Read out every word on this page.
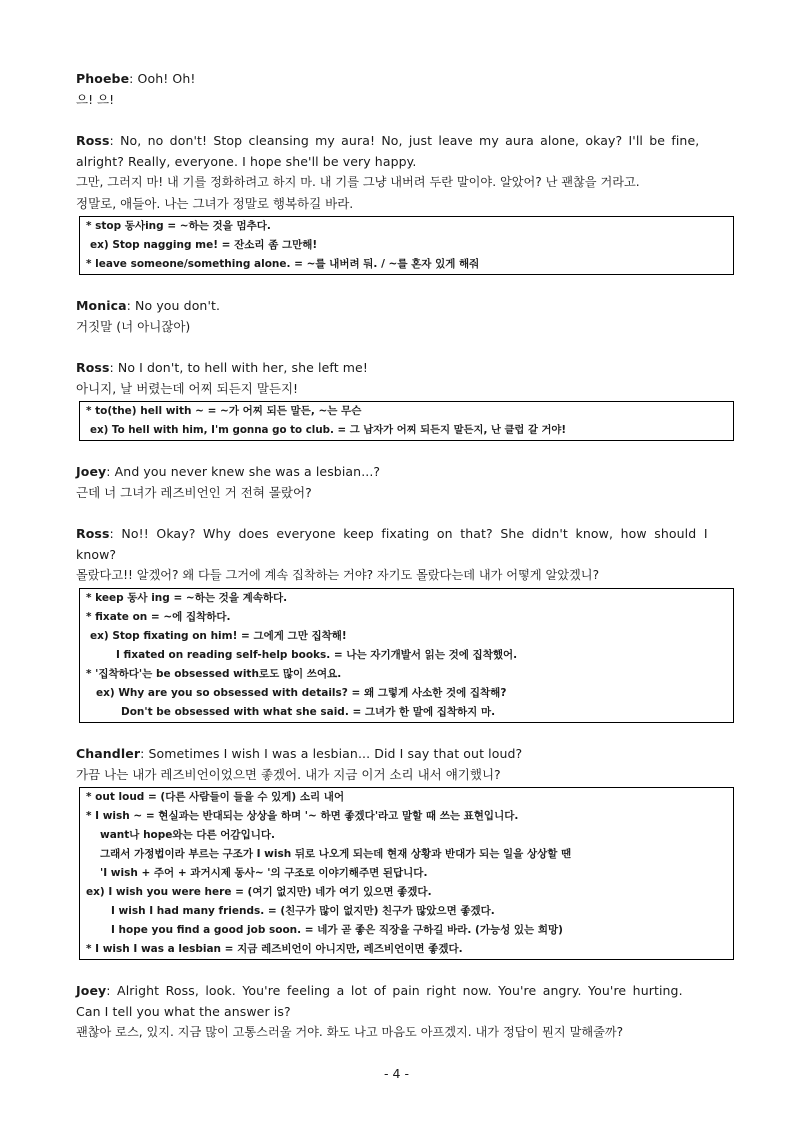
Phoebe: Ooh! Oh!

으! 으!

Ross: No, no don't! Stop cleansing my aura! No, just leave my aura alone, okay? I'll be fine,

alright? Really, everyone. I hope she'll be very happy.

그만, 그러지 마! 내 기를 정화하려고 하지 마. 내 기를 그냥 내버려 두란 말이야. 알았어? 난 괜찮을 거라고.

정말로, 애들아. 나는 그녀가 정말로 행복하길 바라.

* stop 동사ing = ~하는 것을 멈추다.

ex) Stop nagging me! = 잔소리 좀 그만해!

* leave someone/something alone. = ~를 내버려 둬. / ~를 혼자 있게 해줘

Monica: No you don't.

거짓말 (너 아니잖아)

Ross: No I don't, to hell with her, she left me!

아니지, 날 버렸는데 어찌 되든지 말든지!

* to(the) hell with ~ = ~가 어찌 되든 말든, ~는 무슨

ex) To hell with him, I'm gonna go to club. = 그 남자가 어찌 되든지 말든지, 난 클럽 갈 거야!

Joey: And you never knew she was a lesbian...?

근데 너 그녀가 레즈비언인 거 전혀 몰랐어?

Ross: No!! Okay? Why does everyone keep fixating on that? She didn't know, how should I

know?

몰랐다고!! 알겠어? 왜 다들 그거에 계속 집착하는 거야? 자기도 몰랐다는데 내가 어떻게 알았겠니?

* keep 동사 ing = ~하는 것을 계속하다.

* fixate on = ~에 집착하다.

ex) Stop fixating on him! = 그에게 그만 집착해!

I fixated on reading self-help books. = 나는 자기개발서 읽는 것에 집착했어.

* '집착하다'는 be obsessed with로도 많이 쓰여요.

ex) Why are you so obsessed with details? = 왜 그렇게 사소한 것에 집착해?

Don't be obsessed with what she said. = 그녀가 한 말에 집착하지 마.

Chandler: Sometimes I wish I was a lesbian... Did I say that out loud?

가끔 나는 내가 레즈비언이었으면 좋겠어. 내가 지금 이거 소리 내서 얘기했니?

* out loud = (다른 사람들이 들을 수 있게) 소리 내어

* I wish ~ = 현실과는 반대되는 상상을 하며 '~ 하면 좋겠다'라고 말할 때 쓰는 표현입니다.

want나 hope와는 다른 어감입니다.

그래서 가정법이라 부르는 구조가 I wish 뒤로 나오게 되는데 현재 상황과 반대가 되는 일을 상상할 땐

'I wish + 주어 + 과거시제 동사~ '의 구조로 이야기해주면 된답니다.

ex) I wish you were here = (여기 없지만) 네가 여기 있으면 좋겠다.

I wish I had many friends. = (친구가 많이 없지만) 친구가 많았으면 좋겠다.

I hope you find a good job soon. = 네가 곧 좋은 직장을 구하길 바라. (가능성 있는 희망)

* I wish I was a lesbian = 지금 레즈비언이 아니지만, 레즈비언이면 좋겠다.

Joey: Alright Ross, look. You're feeling a lot of pain right now. You're angry. You're hurting.

Can I tell you what the answer is?

괜찮아 로스, 있지. 지금 많이 고통스러울 거야. 화도 나고 마음도 아프겠지. 내가 정답이 뭔지 말해줄까?

- 4 -
